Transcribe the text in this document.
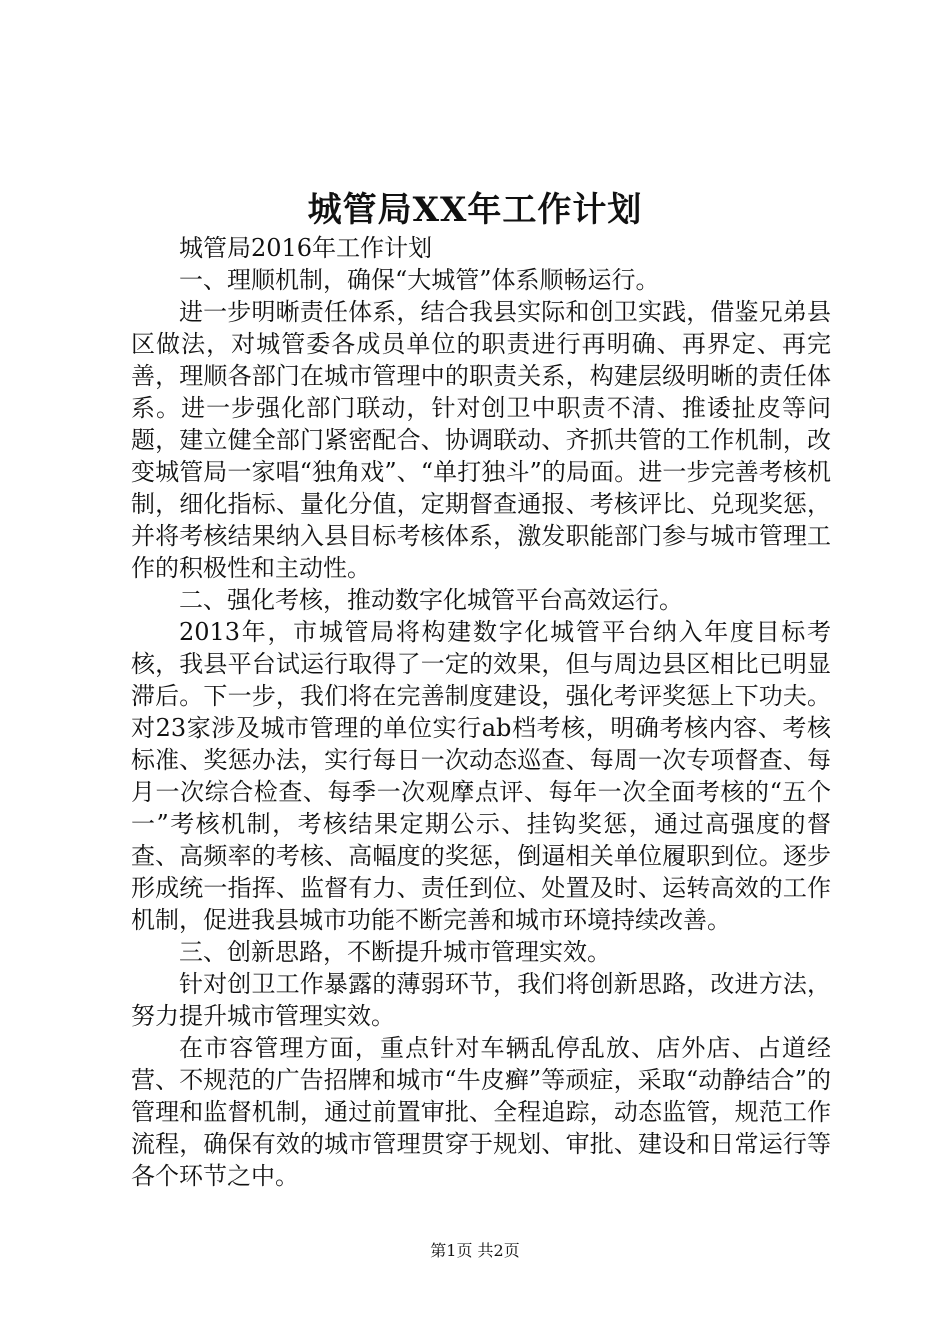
城管局XX年工作计划

城管局2016年工作计划

一、理顺机制，确保“大城管”体系顺畅运行。

进一步明晰责任体系，结合我县实际和创卫实践，借鉴兄弟县区做法，对城管委各成员单位的职责进行再明确、再界定、再完善，理顺各部门在城市管理中的职责关系，构建层级明晰的责任体系。进一步强化部门联动，针对创卫中职责不清、推诿扯皮等问题，建立健全部门紧密配合、协调联动、齐抓共管的工作机制，改变城管局一家唱“独角戏”、“单打独斗”的局面。进一步完善考核机制，细化指标、量化分值，定期督查通报、考核评比、兑现奖惩，并将考核结果纳入县目标考核体系，激发职能部门参与城市管理工作的积极性和主动性。

二、强化考核，推动数字化城管平台高效运行。

2013年，市城管局将构建数字化城管平台纳入年度目标考核，我县平台试运行取得了一定的效果，但与周边县区相比已明显滞后。下一步，我们将在完善制度建设，强化考评奖惩上下功夫。对23家涉及城市管理的单位实行ab档考核，明确考核内容、考核标准、奖惩办法，实行每日一次动态巡查、每周一次专项督查、每月一次综合检查、每季一次观摩点评、每年一次全面考核的“五个一”考核机制，考核结果定期公示、挂钩奖惩，通过高强度的督查、高频率的考核、高幅度的奖惩，倒逼相关单位履职到位。逐步形成统一指挥、监督有力、责任到位、处置及时、运转高效的工作机制，促进我县城市功能不断完善和城市环境持续改善。

三、创新思路，不断提升城市管理实效。

针对创卫工作暴露的薄弱环节，我们将创新思路，改进方法，努力提升城市管理实效。

在市容管理方面，重点针对车辆乱停乱放、店外店、占道经营、不规范的广告招牌和城市“牛皮癣”等顽症，采取“动静结合”的管理和监督机制，通过前置审批、全程追踪，动态监管，规范工作流程，确保有效的城市管理贯穿于规划、审批、建设和日常运行等各个环节之中。

第1页 共2页
